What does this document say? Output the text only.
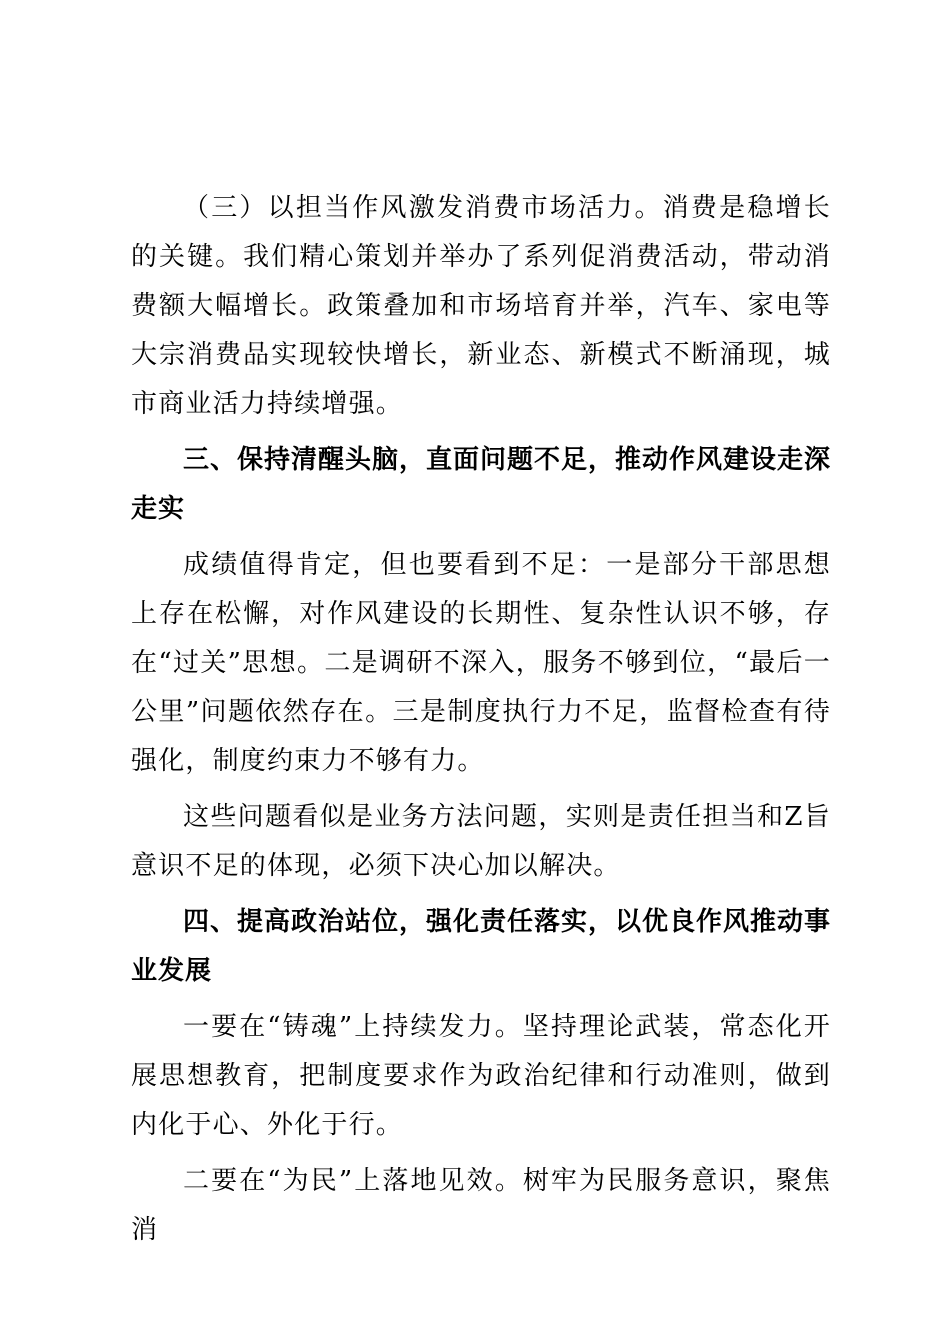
（三）以担当作风激发消费市场活力。消费是稳增长的关键。我们精心策划并举办了系列促消费活动，带动消费额大幅增长。政策叠加和市场培育并举，汽车、家电等大宗消费品实现较快增长，新业态、新模式不断涌现，城市商业活力持续增强。

三、保持清醒头脑，直面问题不足，推动作风建设走深走实

成绩值得肯定，但也要看到不足：一是部分干部思想上存在松懈，对作风建设的长期性、复杂性认识不够，存在“过关”思想。二是调研不深入，服务不够到位，“最后一公里”问题依然存在。三是制度执行力不足，监督检查有待强化，制度约束力不够有力。

这些问题看似是业务方法问题，实则是责任担当和Z旨意识不足的体现，必须下决心加以解决。

四、提高政治站位，强化责任落实，以优良作风推动事业发展

一要在“铸魂”上持续发力。坚持理论武装，常态化开展思想教育，把制度要求作为政治纪律和行动准则，做到内化于心、外化于行。

二要在“为民”上落地见效。树牢为民服务意识，聚焦消
